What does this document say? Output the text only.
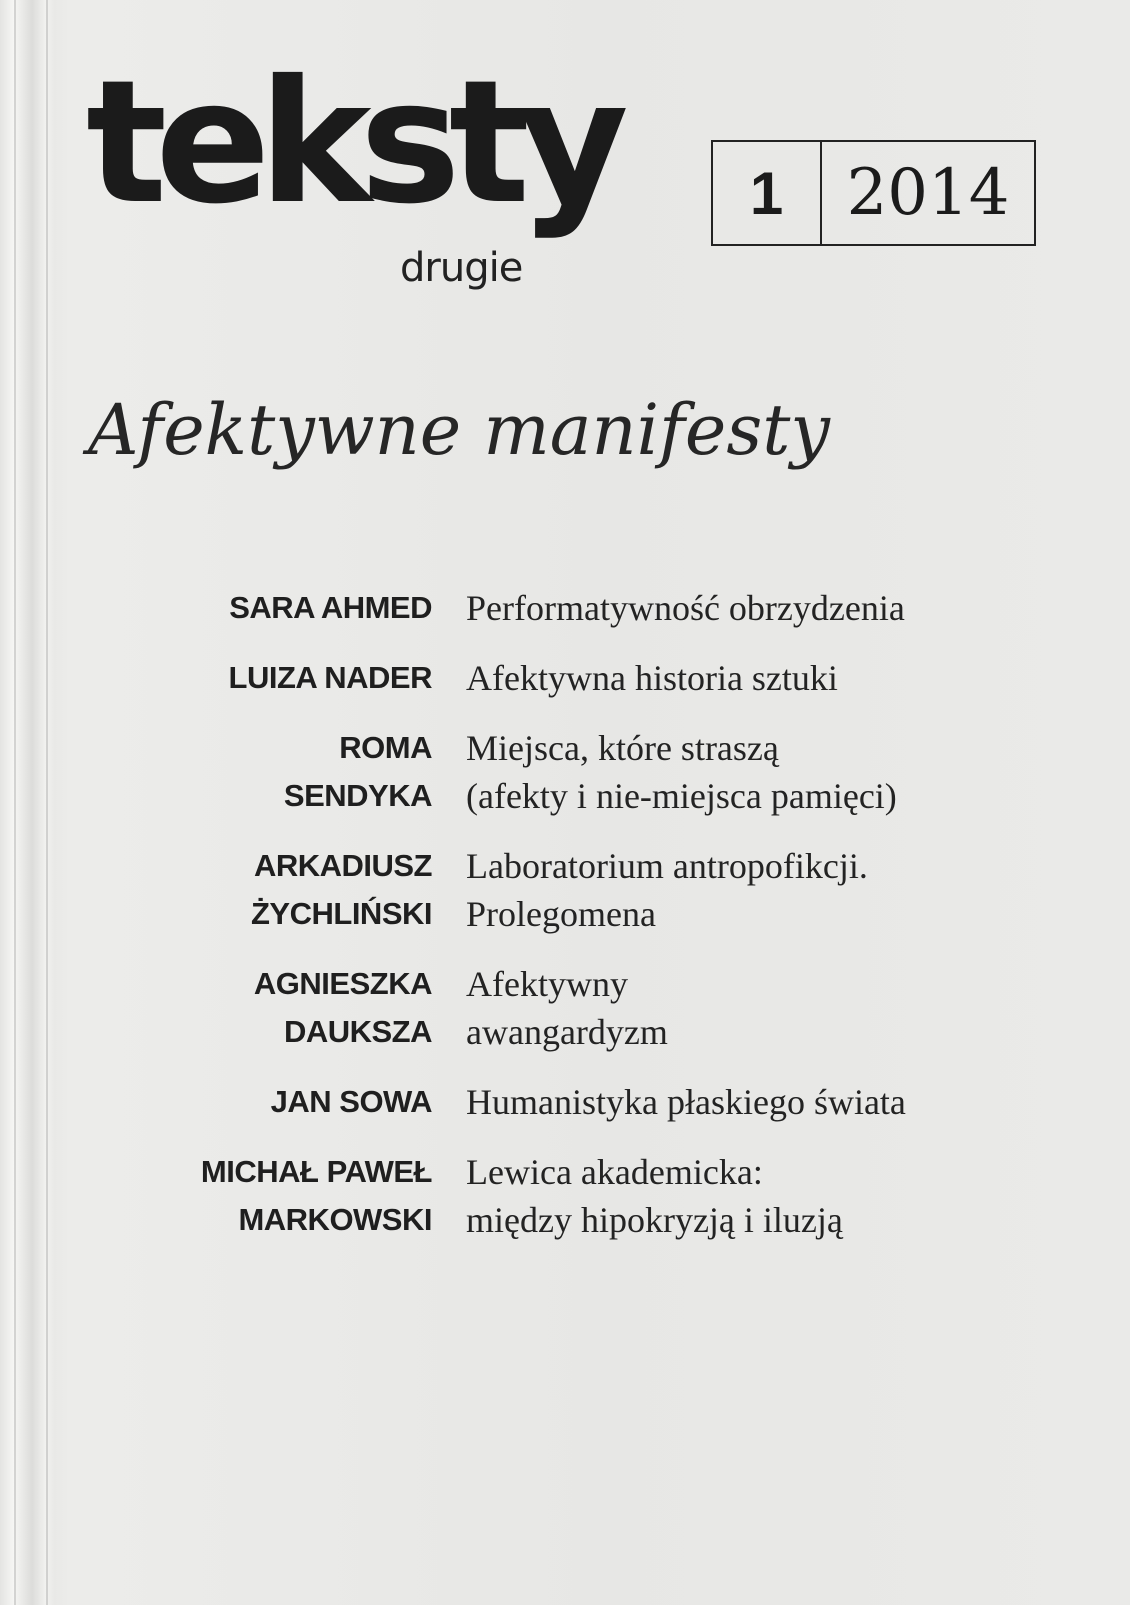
teksty
drugie
1 2014
Afektywne manifesty
SARA AHMED Performatywność obrzydzenia
LUIZA NADER Afektywna historia sztuki
ROMA
SENDYKA
Miejsca, które straszą
(afekty i nie-miejsca pamięci)
ARKADIUSZ
ŻYCHLIŃSKI
Laboratorium antropofikcji.
Prolegomena
AGNIESZKA
DAUKSZA
Afektywny
awangardyzm
JAN SOWA Humanistyka płaskiego świata
MICHAŁ PAWEŁ
MARKOWSKI
Lewica akademicka:
między hipokryzją i iluzją
